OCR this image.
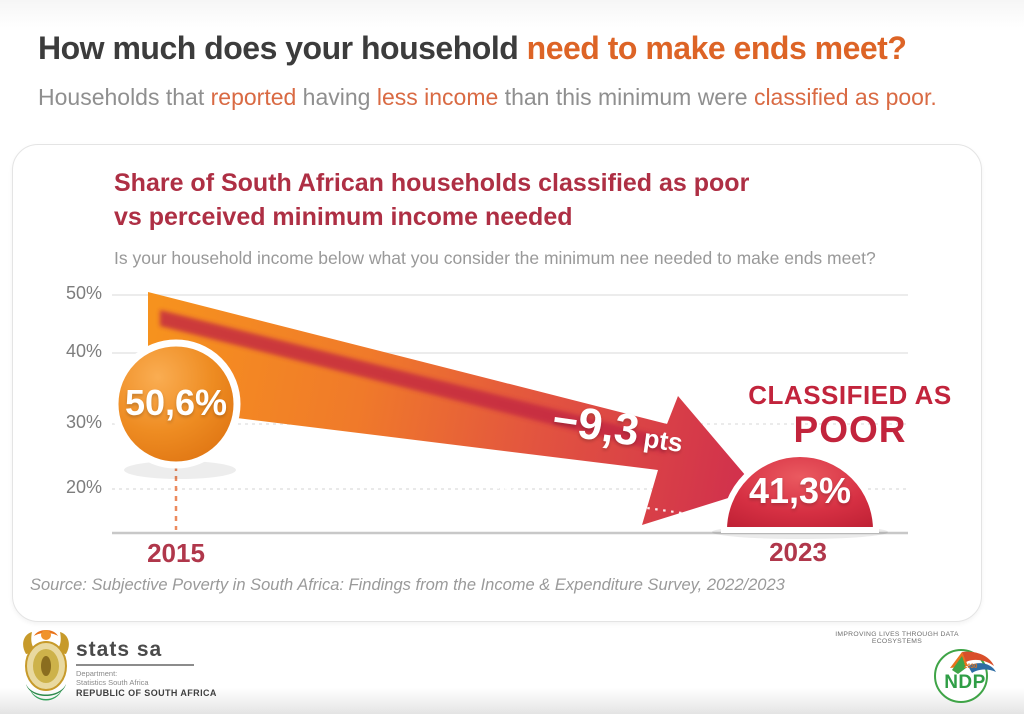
How much does your household need to make ends meet?
Households that reported having less income than this minimum were classified as poor.
Share of South African households classified as poor
vs perceived minimum income needed
Is your household income below what you consider the minimum nee needed to make ends meet?
50%
40%
30%
20%
50,6%
41,3%
−9,3pts
CLASSIFIED AS
POOR
2015	2023
Source: Subjective Poverty in South Africa: Findings from the Income & Expenditure Survey, 2022/2023
stats sa
Department:
Statistics South Africa
REPUBLIC OF SOUTH AFRICA
IMPROVING LIVES THROUGH DATA ECOSYSTEMS
2030
NDP
